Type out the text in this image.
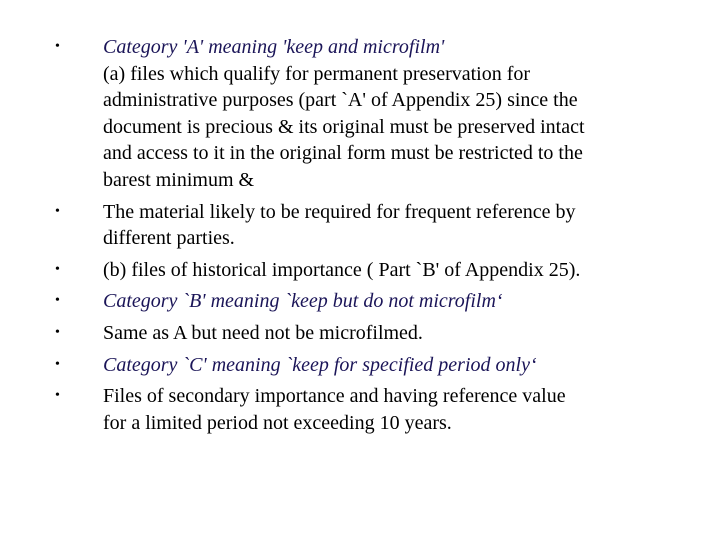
•	Category 'A' meaning 'keep and microfilm'
(a) files which qualify for permanent preservation for
administrative purposes (part `A' of Appendix 25) since the
document is precious & its original must be preserved intact
and access to it in the original form must be restricted to the
barest minimum &
•	The material likely to be required for frequent reference by
different parties.
•	(b) files of historical importance ( Part `B' of Appendix 25).
•	Category `B' meaning `keep but do not microfilm‘
•	Same as A but need not be microfilmed.
•	Category `C' meaning `keep for specified period only‘
•	Files of secondary importance and having reference value
for a limited period not exceeding 10 years.
